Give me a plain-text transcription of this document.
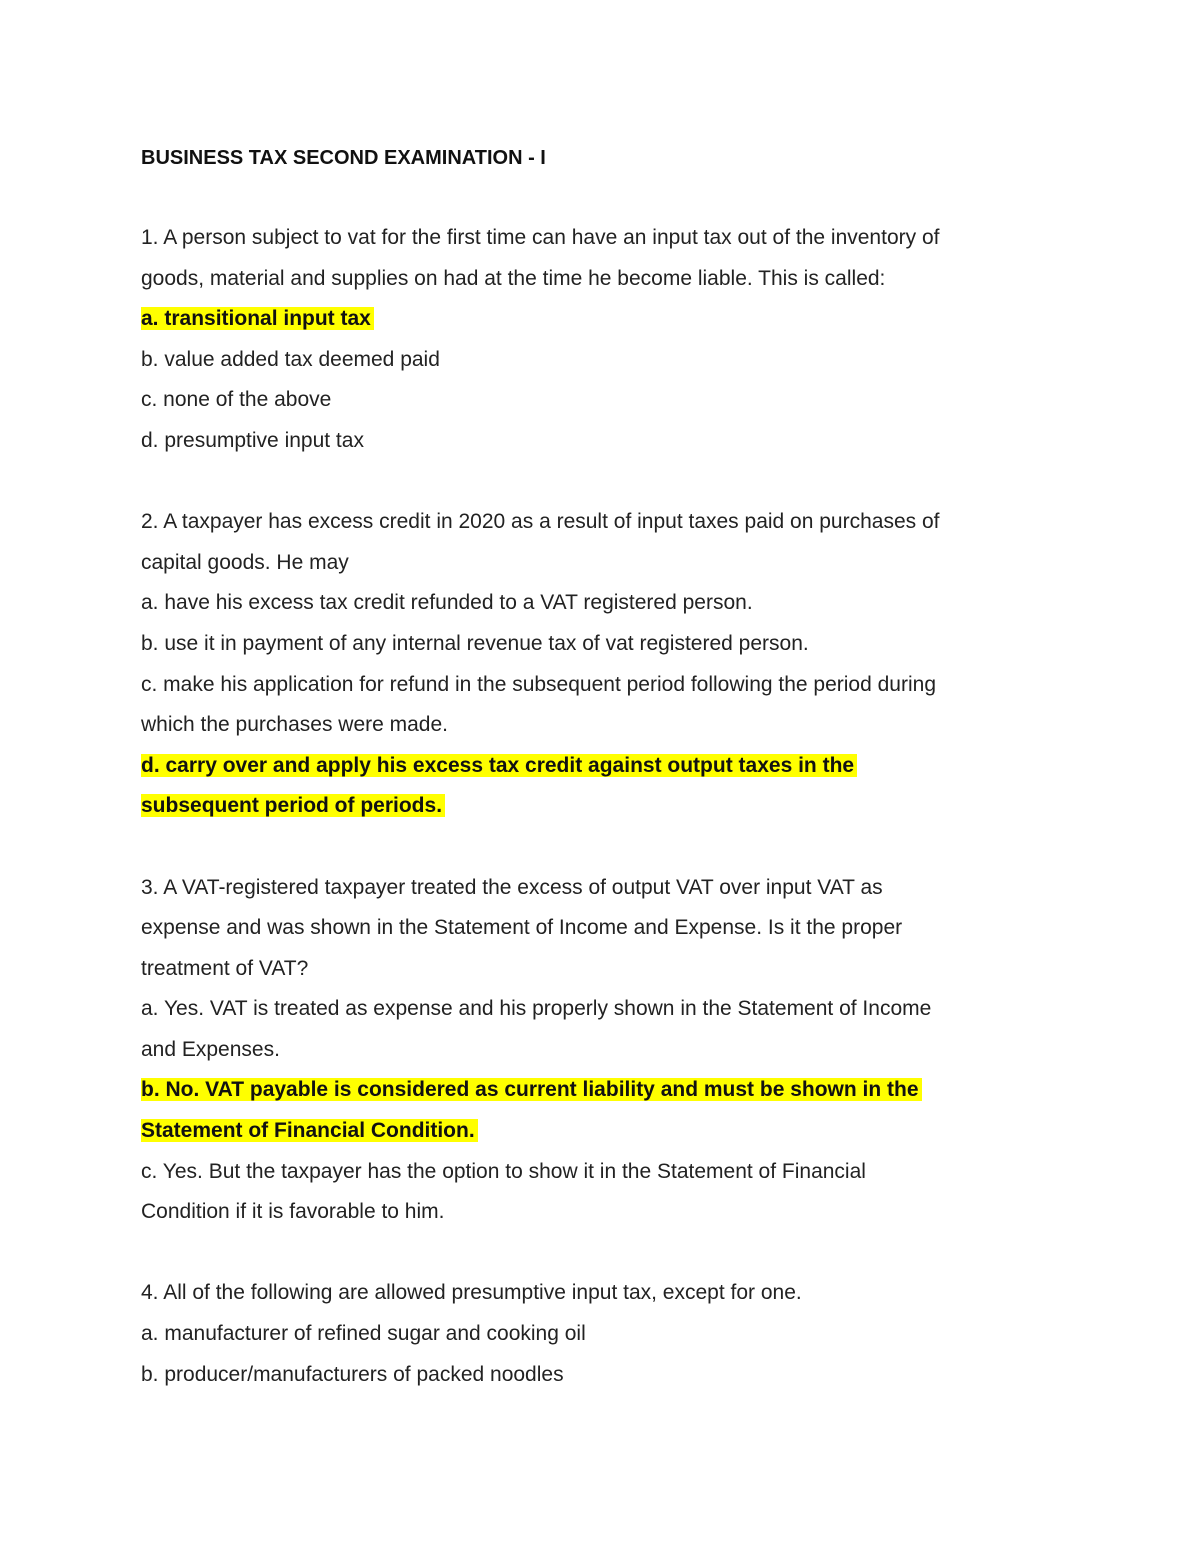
BUSINESS TAX SECOND EXAMINATION - I
1. A person subject to vat for the first time can have an input tax out of the inventory of
goods, material and supplies on had at the time he become liable. This is called:
a. transitional input tax
b. value added tax deemed paid
c. none of the above
d. presumptive input tax
2. A taxpayer has excess credit in 2020 as a result of input taxes paid on purchases of
capital goods. He may
a. have his excess tax credit refunded to a VAT registered person.
b. use it in payment of any internal revenue tax of vat registered person.
c. make his application for refund in the subsequent period following the period during
which the purchases were made.
d. carry over and apply his excess tax credit against output taxes in the
subsequent period of periods.
3. A VAT-registered taxpayer treated the excess of output VAT over input VAT as
expense and was shown in the Statement of Income and Expense. Is it the proper
treatment of VAT?
a. Yes. VAT is treated as expense and his properly shown in the Statement of Income
and Expenses.
b. No. VAT payable is considered as current liability and must be shown in the
Statement of Financial Condition.
c. Yes. But the taxpayer has the option to show it in the Statement of Financial
Condition if it is favorable to him.
4. All of the following are allowed presumptive input tax, except for one.
a. manufacturer of refined sugar and cooking oil
b. producer/manufacturers of packed noodles
